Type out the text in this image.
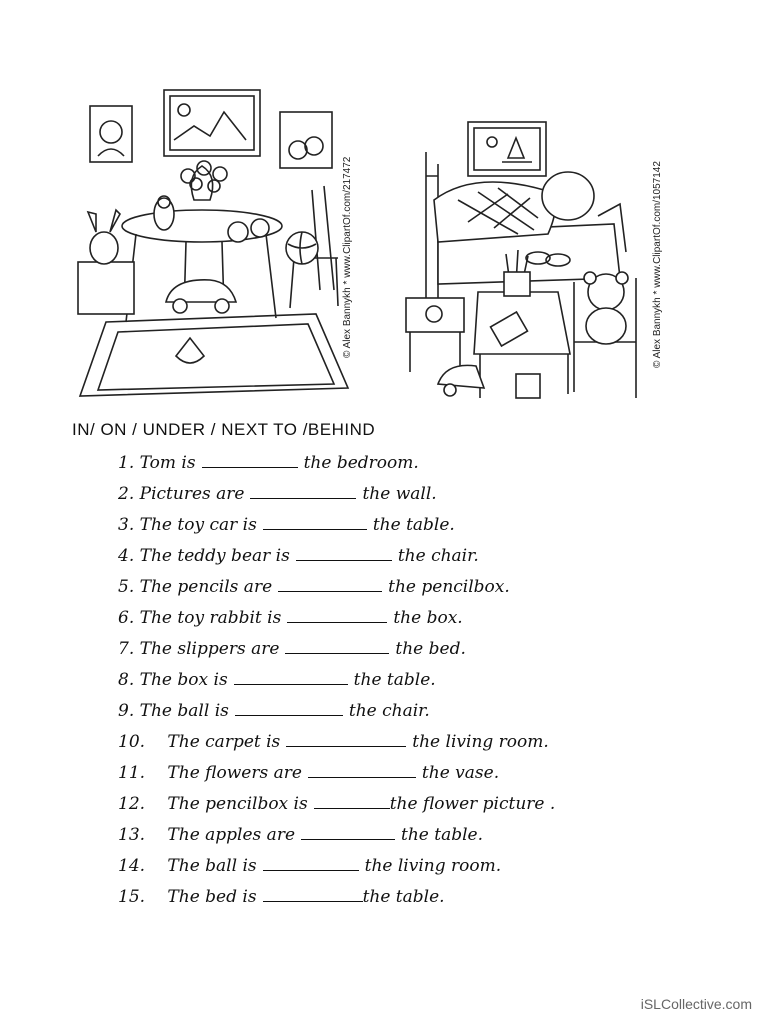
© Alex Bannykh * www.ClipartOf.com/217472	© Alex Bannykh * www.ClipartOf.com/1057142
IN/ ON / UNDER / NEXT TO /BEHIND
1. Tom is	the bedroom.
2. Pictures are	the wall.
3. The toy car is	the table.
4. The teddy bear is	the chair.
5. The pencils are	the pencilbox.
6. The toy rabbit is	the box.
7. The slippers are	the bed.
8. The box is	the table.
9. The ball is	the chair.
10. The carpet is	the living room.
11. The flowers are	the vase.
12. The pencilbox is	the flower picture .
13. The apples are	the table.
14. The ball is	the living room.
15. The bed is	the table.
iSLCollective.com
